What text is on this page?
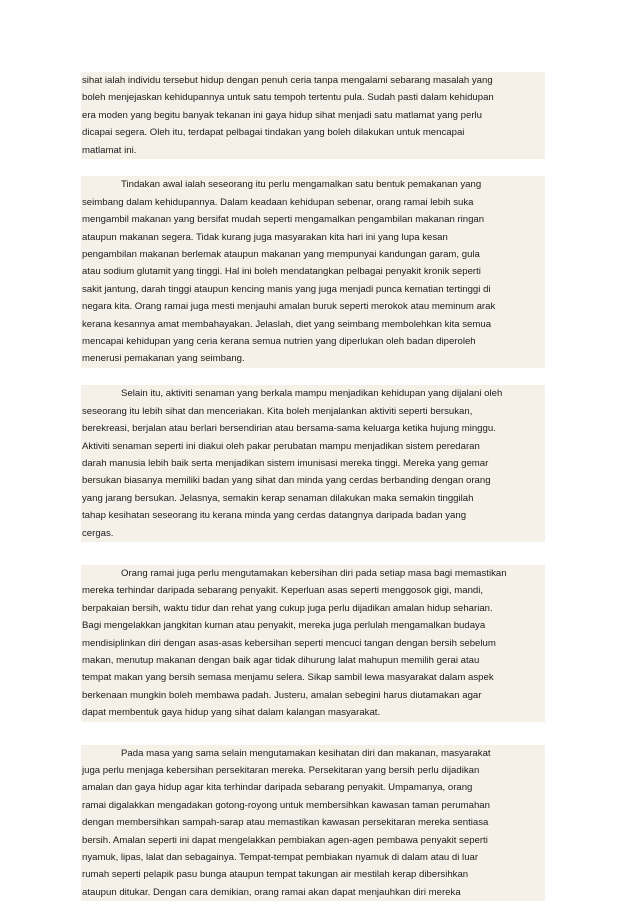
sihat ialah individu tersebut hidup dengan penuh ceria tanpa mengalami sebarang masalah yang
boleh menjejaskan kehidupannya untuk satu tempoh tertentu pula. Sudah pasti dalam kehidupan
era moden yang begitu banyak tekanan ini gaya hidup sihat menjadi satu matlamat yang perlu
dicapai segera. Oleh itu, terdapat pelbagai tindakan yang boleh dilakukan untuk mencapai
matlamat ini.

Tindakan awal ialah seseorang itu perlu mengamalkan satu bentuk pemakanan yang
seimbang dalam kehidupannya. Dalam keadaan kehidupan sebenar, orang ramai lebih suka
mengambil makanan yang bersifat mudah seperti mengamalkan pengambilan makanan ringan
ataupun makanan segera. Tidak kurang juga masyarakan kita hari ini yang lupa kesan
pengambilan makanan berlemak ataupun makanan yang mempunyai kandungan garam, gula
atau sodium glutamit yang tinggi. Hal ini boleh mendatangkan pelbagai penyakit kronik seperti
sakit jantung, darah tinggi ataupun kencing manis yang juga menjadi punca kematian tertinggi di
negara kita. Orang ramai juga mesti menjauhi amalan buruk seperti merokok atau meminum arak
kerana kesannya amat membahayakan. Jelaslah, diet yang seimbang membolehkan kita semua
mencapai kehidupan yang ceria kerana semua nutrien yang diperlukan oleh badan diperoleh
menerusi pemakanan yang seimbang.

Selain itu, aktiviti senaman yang berkala mampu menjadikan kehidupan yang dijalani oleh
seseorang itu lebih sihat dan menceriakan. Kita boleh menjalankan aktiviti seperti bersukan,
berekreasi, berjalan atau berlari bersendirian atau bersama-sama keluarga ketika hujung minggu.
Aktiviti senaman seperti ini diakui oleh pakar perubatan mampu menjadikan sistem peredaran
darah manusia lebih baik serta menjadikan sistem imunisasi mereka tinggi. Mereka yang gemar
bersukan biasanya memiliki badan yang sihat dan minda yang cerdas berbanding dengan orang
yang jarang bersukan. Jelasnya, semakin kerap senaman dilakukan maka semakin tinggilah
tahap kesihatan seseorang itu kerana minda yang cerdas datangnya daripada badan yang
cergas.

Orang ramai juga perlu mengutamakan kebersihan diri pada setiap masa bagi memastikan
mereka terhindar daripada sebarang penyakit. Keperluan asas seperti menggosok gigi, mandi,
berpakaian bersih, waktu tidur dan rehat yang cukup juga perlu dijadikan amalan hidup seharian.
Bagi mengelakkan jangkitan kuman atau penyakit, mereka juga perlulah mengamalkan budaya
mendisiplinkan diri dengan asas-asas kebersihan seperti mencuci tangan dengan bersih sebelum
makan, menutup makanan dengan baik agar tidak dihurung lalat mahupun memilih gerai atau
tempat makan yang bersih semasa menjamu selera. Sikap sambil lewa masyarakat dalam aspek
berkenaan mungkin boleh membawa padah. Justeru, amalan sebegini harus diutamakan agar
dapat membentuk gaya hidup yang sihat dalam kalangan masyarakat.

Pada masa yang sama selain mengutamakan kesihatan diri dan makanan, masyarakat
juga perlu menjaga kebersihan persekitaran mereka. Persekitaran yang bersih perlu dijadikan
amalan dan gaya hidup agar kita terhindar daripada sebarang penyakit. Umpamanya, orang
ramai digalakkan mengadakan gotong-royong untuk membersihkan kawasan taman perumahan
dengan membersihkan sampah-sarap atau memastikan kawasan persekitaran mereka sentiasa
bersih. Amalan seperti ini dapat mengelakkan pembiakan agen-agen pembawa penyakit seperti
nyamuk, lipas, lalat dan sebagainya. Tempat-tempat pembiakan nyamuk di dalam atau di luar
rumah seperti pelapik pasu bunga ataupun tempat takungan air mestilah kerap dibersihkan
ataupun ditukar. Dengan cara demikian, orang ramai akan dapat menjauhkan diri mereka
